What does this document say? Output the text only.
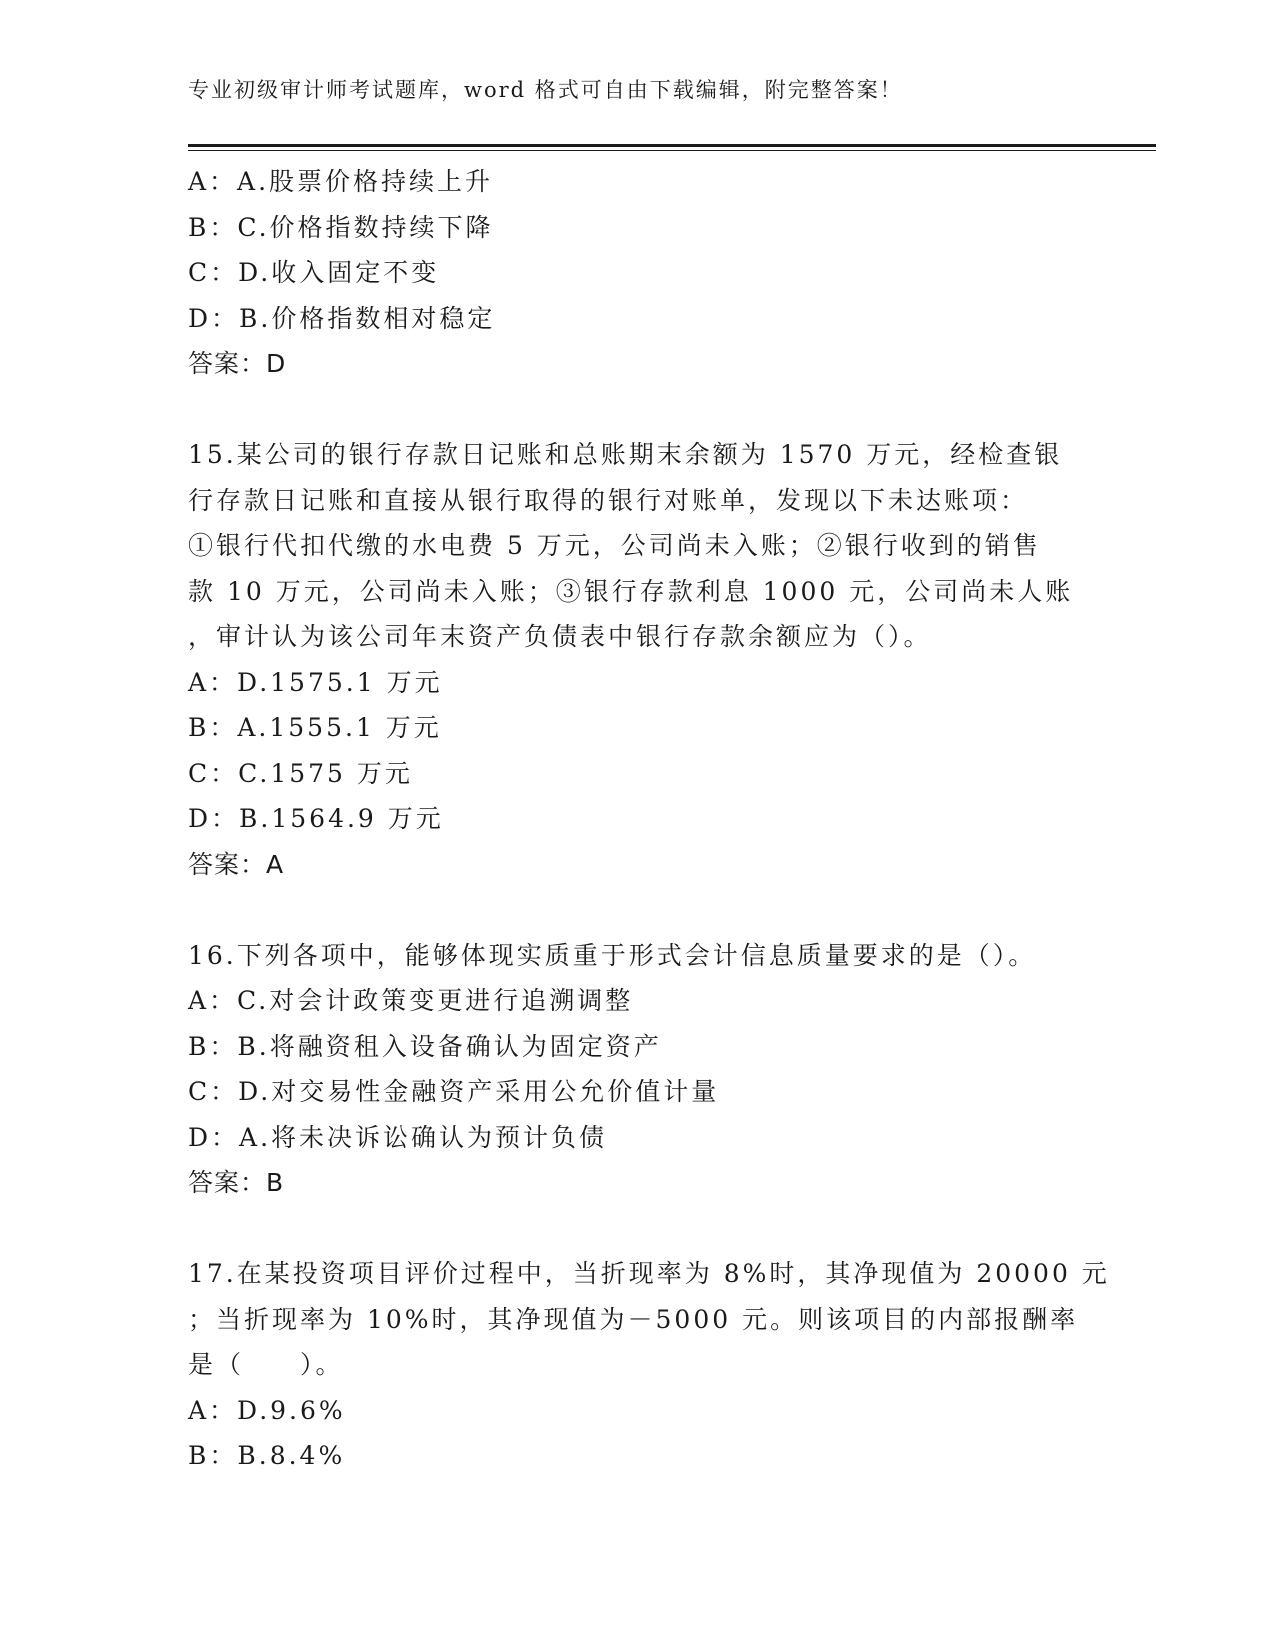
专业初级审计师考试题库，word 格式可自由下载编辑，附完整答案！
A：A.股票价格持续上升
B：C.价格指数持续下降
C：D.收入固定不变
D：B.价格指数相对稳定
答案：D
15.某公司的银行存款日记账和总账期末余额为 1570 万元，经检查银
行存款日记账和直接从银行取得的银行对账单，发现以下未达账项：
①银行代扣代缴的水电费 5 万元，公司尚未入账；②银行收到的销售
款 10 万元，公司尚未入账；③银行存款利息 1000 元，公司尚未人账
，审计认为该公司年末资产负债表中银行存款余额应为（）。
A：D.1575.1 万元
B：A.1555.1 万元
C：C.1575 万元
D：B.1564.9 万元
答案：A
16.下列各项中，能够体现实质重于形式会计信息质量要求的是（）。
A：C.对会计政策变更进行追溯调整
B：B.将融资租入设备确认为固定资产
C：D.对交易性金融资产采用公允价值计量
D：A.将未决诉讼确认为预计负债
答案：B
17.在某投资项目评价过程中，当折现率为 8%时，其净现值为 20000 元
；当折现率为 10%时，其净现值为－5000 元。则该项目的内部报酬率
是（　　）。
A：D.9.6%
B：B.8.4%
